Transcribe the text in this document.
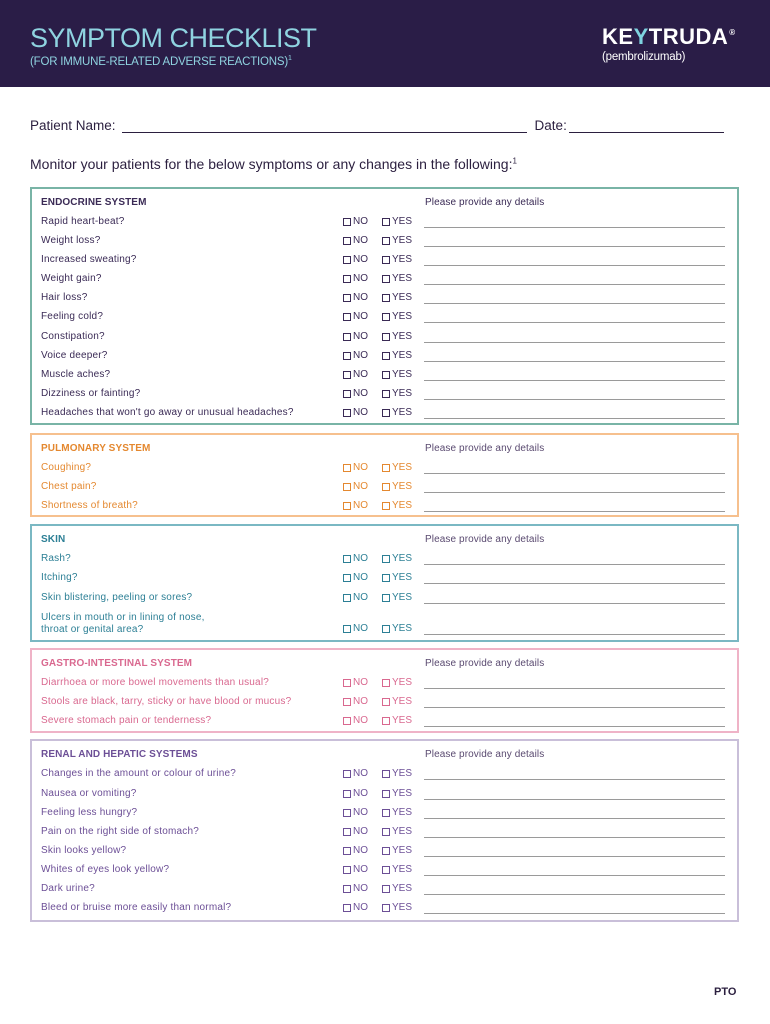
SYMPTOM CHECKLIST
(FOR IMMUNE-RELATED ADVERSE REACTIONS)$^1$
KE Y TRUDA ®
(pembrolizumab)
Patient Name:	Date:
Monitor your patients for the below symptoms or any changes in the following:$^1$
ENDOCRINE SYSTEM	Please provide any details
Rapid heart-beat?	NO YES
Weight loss?	NO YES
Increased sweating?	NO YES
Weight gain?	NO YES
Hair loss?	NO YES
Feeling cold?	NO YES
Constipation?	NO YES
Voice deeper?	NO YES
Muscle aches?	NO YES
Dizziness or fainting?	NO YES
Headaches that won't go away or unusual headaches?	NO YES
PULMONARY SYSTEM	Please provide any details
Coughing?	NO YES
Chest pain?	NO YES
Shortness of breath?	NO YES
SKIN	Please provide any details
Rash?	NO YES
Itching?	NO YES
Skin blistering, peeling or sores?	NO YES
Ulcers in mouth or in lining of nose,
throat or genital area?	NO YES
GASTRO-INTESTINAL SYSTEM	Please provide any details
Diarrhoea or more bowel movements than usual?	NO YES
Stools are black, tarry, sticky or have blood or mucus?	NO YES
Severe stomach pain or tenderness?	NO YES
RENAL AND HEPATIC SYSTEMS	Please provide any details
Changes in the amount or colour of urine?	NO YES
Nausea or vomiting?	NO YES
Feeling less hungry?	NO YES
Pain on the right side of stomach?	NO YES
Skin looks yellow?	NO YES
Whites of eyes look yellow?	NO YES
Dark urine?	NO YES
Bleed or bruise more easily than normal?	NO YES
PTO
